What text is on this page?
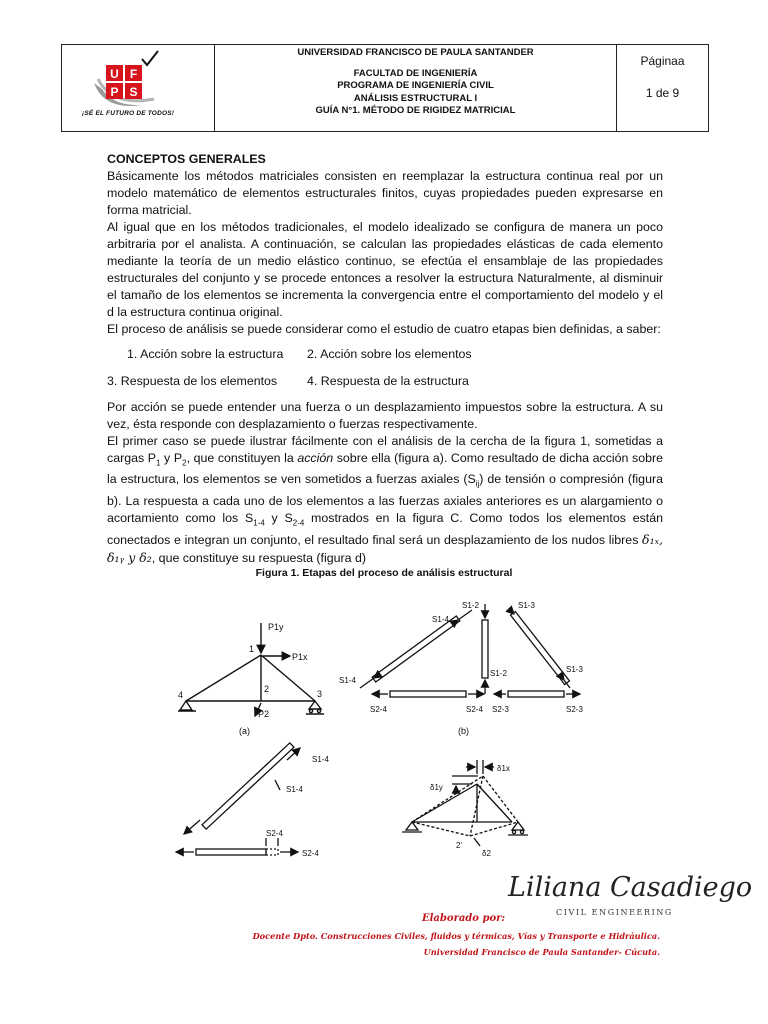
U F
P S
¡SÉ EL FUTURO DE TODOS!
UNIVERSIDAD FRANCISCO DE PAULA SANTANDER
FACULTAD DE INGENIERÍA
PROGRAMA DE INGENIERÍA CIVIL
ANÁLISIS ESTRUCTURAL I
GUÍA N°1. MÉTODO DE RIGIDEZ MATRICIAL
Páginaa
1 de 9

CONCEPTOS GENERALES

Básicamente los métodos matriciales consisten en reemplazar la estructura continua real por un modelo matemático de elementos estructurales finitos, cuyas propiedades pueden expresarse en forma matricial.

Al igual que en los métodos tradicionales, el modelo idealizado se configura de manera un poco arbitraria por el analista. A continuación, se calculan las propiedades elásticas de cada elemento mediante la teoría de un medio elástico continuo, se efectúa el ensamblaje de las propiedades estructurales del conjunto y se procede entonces a resolver la estructura Naturalmente, al disminuir el tamaño de los elementos se incrementa la convergencia entre el comportamiento del modelo y el d la estructura continua original.

El proceso de análisis se puede considerar como el estudio de cuatro etapas bien definidas, a saber:

1. Acción sobre la estructura	2. Acción sobre los elementos
3. Respuesta de los elementos	4. Respuesta de la estructura

Por acción se puede entender una fuerza o un desplazamiento impuestos sobre la estructura. A su vez, ésta responde con desplazamiento o fuerzas respectivamente.

El primer caso se puede ilustrar fácilmente con el análisis de la cercha de la figura 1, sometidas a cargas $P_1$ y $P_2$, que constituyen la acción sobre ella (figura a). Como resultado de dicha acción sobre la estructura, los elementos se ven sometidos a fuerzas axiales $(S_{ij})$ de tensión o compresión (figura b). La respuesta a cada uno de los elementos a las fuerzas axiales anteriores es un alargamiento o acortamiento como los $S_{1-4}$ y $S_{2-4}$ mostrados en la figura C. Como todos los elementos están conectados e integran un conjunto, el resultado final será un desplazamiento de los nudos libres δ₁ₓ, δ₁ᵧ y δ₂, que constituye su respuesta (figura d)

Figura 1. Etapas del proceso de análisis estructural
P1y
P1x
1
2	3
4
P2
(a)
S1-2	S1-3
S1-4
S1-4
S1-2	S1-3
S2-4	S2-4 S2-3	S2-3
(b)
S1-4
S1-4
S2-4
S2-4
δ1x
δ1y
2'
δ2
Liliana Casadiego
CIVIL ENGINEERING
Elaborado por:
Docente Dpto. Construcciones Civiles, fluidos y térmicas, Vías y Transporte e Hidráulica.
Universidad Francisco de Paula Santander- Cúcuta.
